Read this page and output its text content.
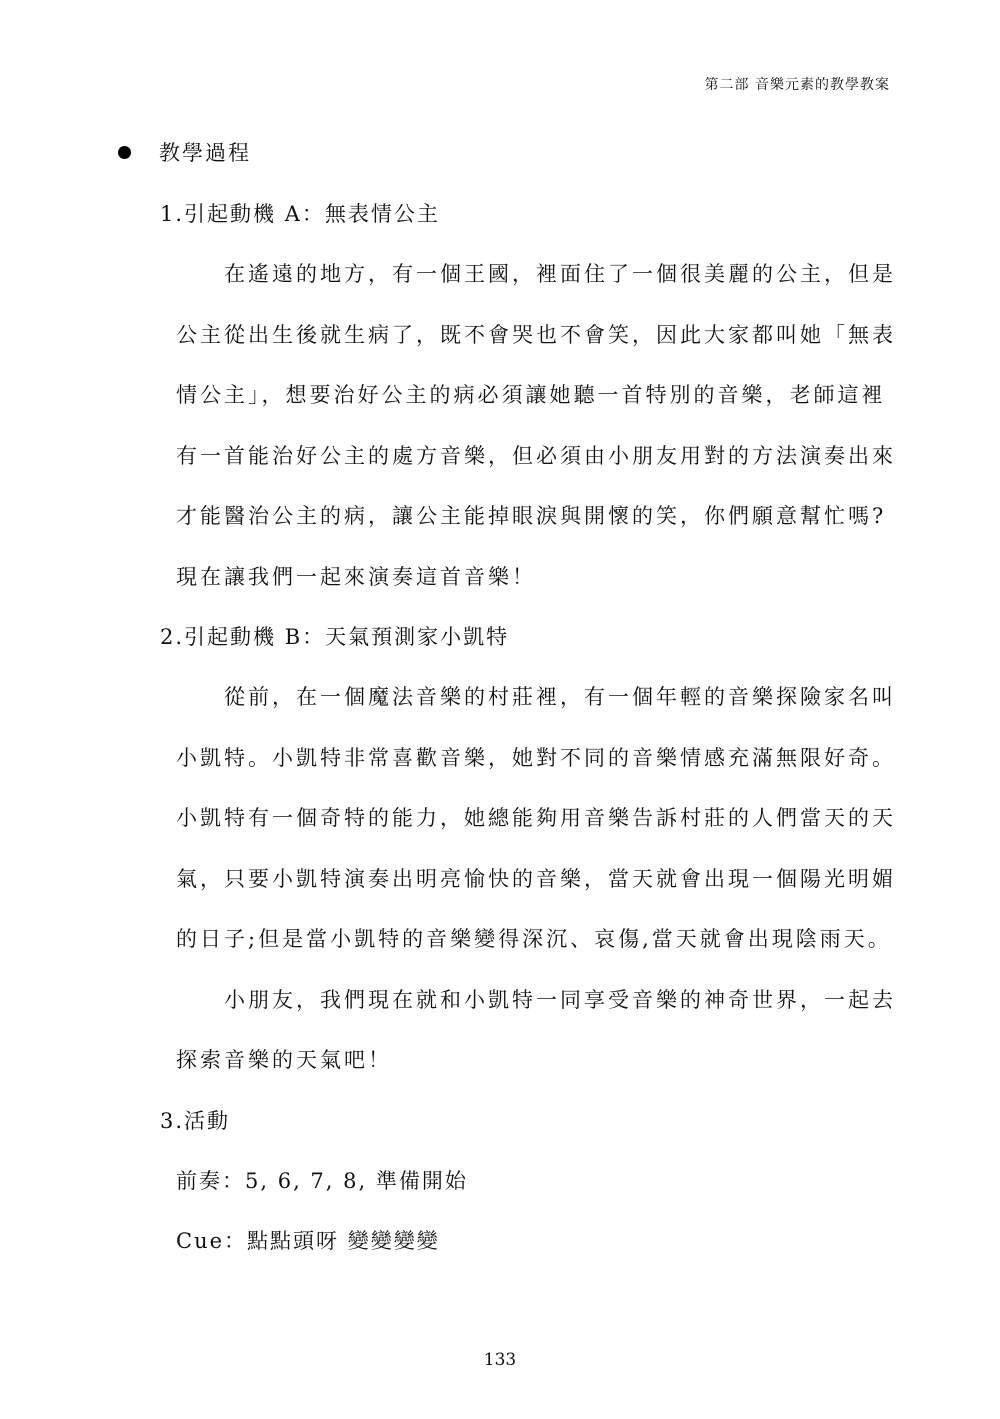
第二部 音樂元素的教學教案
教學過程
1.引起動機 A：無表情公主
在遙遠的地方，有一個王國，裡面住了一個很美麗的公主，但是
公主從出生後就生病了，既不會哭也不會笑，因此大家都叫她「無表
情公主」，想要治好公主的病必須讓她聽一首特別的音樂，老師這裡
有一首能治好公主的處方音樂，但必須由小朋友用對的方法演奏出來
才能醫治公主的病，讓公主能掉眼淚與開懷的笑，你們願意幫忙嗎?
現在讓我們一起來演奏這首音樂！
2.引起動機 B：天氣預測家小凱特
從前，在一個魔法音樂的村莊裡，有一個年輕的音樂探險家名叫
小凱特。小凱特非常喜歡音樂，她對不同的音樂情感充滿無限好奇。
小凱特有一個奇特的能力，她總能夠用音樂告訴村莊的人們當天的天
氣，只要小凱特演奏出明亮愉快的音樂，當天就會出現一個陽光明媚
的日子;但是當小凱特的音樂變得深沉、哀傷,當天就會出現陰雨天。
小朋友，我們現在就和小凱特一同享受音樂的神奇世界，一起去
探索音樂的天氣吧！
3.活動
前奏：5, 6, 7, 8, 準備開始
Cue：點點頭呀 變變變變
133
